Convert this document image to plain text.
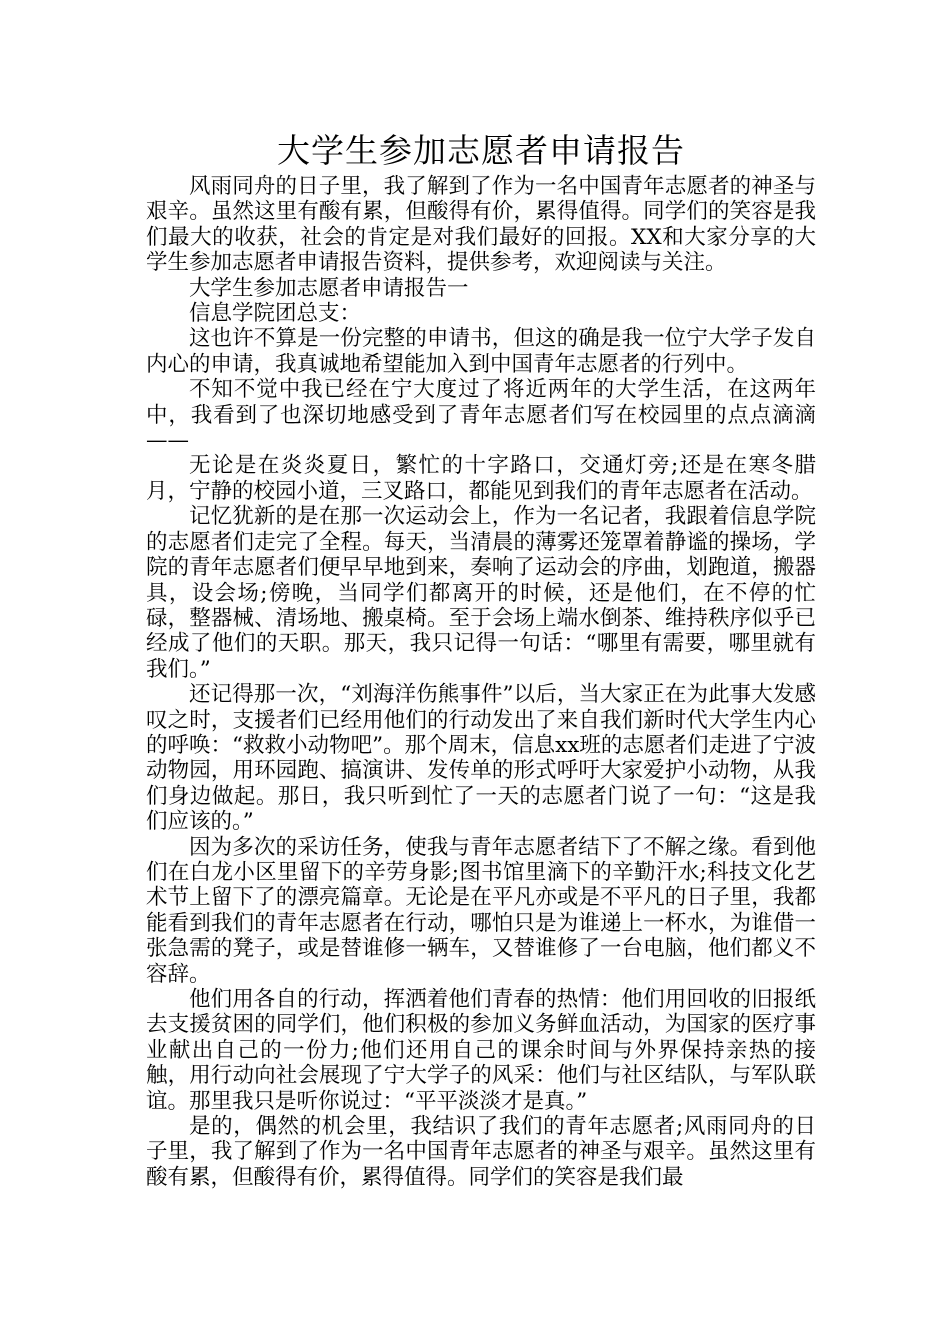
大学生参加志愿者申请报告

风雨同舟的日子里，我了解到了作为一名中国青年志愿者的神圣与艰辛。虽然这里有酸有累，但酸得有价，累得值得。同学们的笑容是我们最大的收获，社会的肯定是对我们最好的回报。XX和大家分享的大学生参加志愿者申请报告资料，提供参考，欢迎阅读与关注。

大学生参加志愿者申请报告一

信息学院团总支：

这也许不算是一份完整的申请书，但这的确是我一位宁大学子发自内心的申请，我真诚地希望能加入到中国青年志愿者的行列中。

不知不觉中我已经在宁大度过了将近两年的大学生活，在这两年中，我看到了也深切地感受到了青年志愿者们写在校园里的点点滴滴——

无论是在炎炎夏日，繁忙的十字路口，交通灯旁;还是在寒冬腊月，宁静的校园小道，三叉路口，都能见到我们的青年志愿者在活动。

记忆犹新的是在那一次运动会上，作为一名记者，我跟着信息学院的志愿者们走完了全程。每天，当清晨的薄雾还笼罩着静谧的操场，学院的青年志愿者们便早早地到来，奏响了运动会的序曲，划跑道，搬器具，设会场;傍晚，当同学们都离开的时候，还是他们，在不停的忙碌，整器械、清场地、搬桌椅。至于会场上端水倒茶、维持秩序似乎已经成了他们的天职。那天，我只记得一句话：“哪里有需要，哪里就有我们。”

还记得那一次，“刘海洋伤熊事件”以后，当大家正在为此事大发感叹之时，支援者们已经用他们的行动发出了来自我们新时代大学生内心的呼唤：“救救小动物吧”。那个周末，信息xx班的志愿者们走进了宁波动物园，用环园跑、搞演讲、发传单的形式呼吁大家爱护小动物，从我们身边做起。那日，我只听到忙了一天的志愿者门说了一句：“这是我们应该的。”

因为多次的采访任务，使我与青年志愿者结下了不解之缘。看到他们在白龙小区里留下的辛劳身影;图书馆里滴下的辛勤汗水;科技文化艺术节上留下了的漂亮篇章。无论是在平凡亦或是不平凡的日子里，我都能看到我们的青年志愿者在行动，哪怕只是为谁递上一杯水，为谁借一张急需的凳子，或是替谁修一辆车，又替谁修了一台电脑，他们都义不容辞。

他们用各自的行动，挥洒着他们青春的热情：他们用回收的旧报纸去支援贫困的同学们，他们积极的参加义务鲜血活动，为国家的医疗事业献出自己的一份力;他们还用自己的课余时间与外界保持亲热的接触，用行动向社会展现了宁大学子的风采：他们与社区结队，与军队联谊。那里我只是听你说过：“平平淡淡才是真。”

是的，偶然的机会里，我结识了我们的青年志愿者;风雨同舟的日子里，我了解到了作为一名中国青年志愿者的神圣与艰辛。虽然这里有酸有累，但酸得有价，累得值得。同学们的笑容是我们最
